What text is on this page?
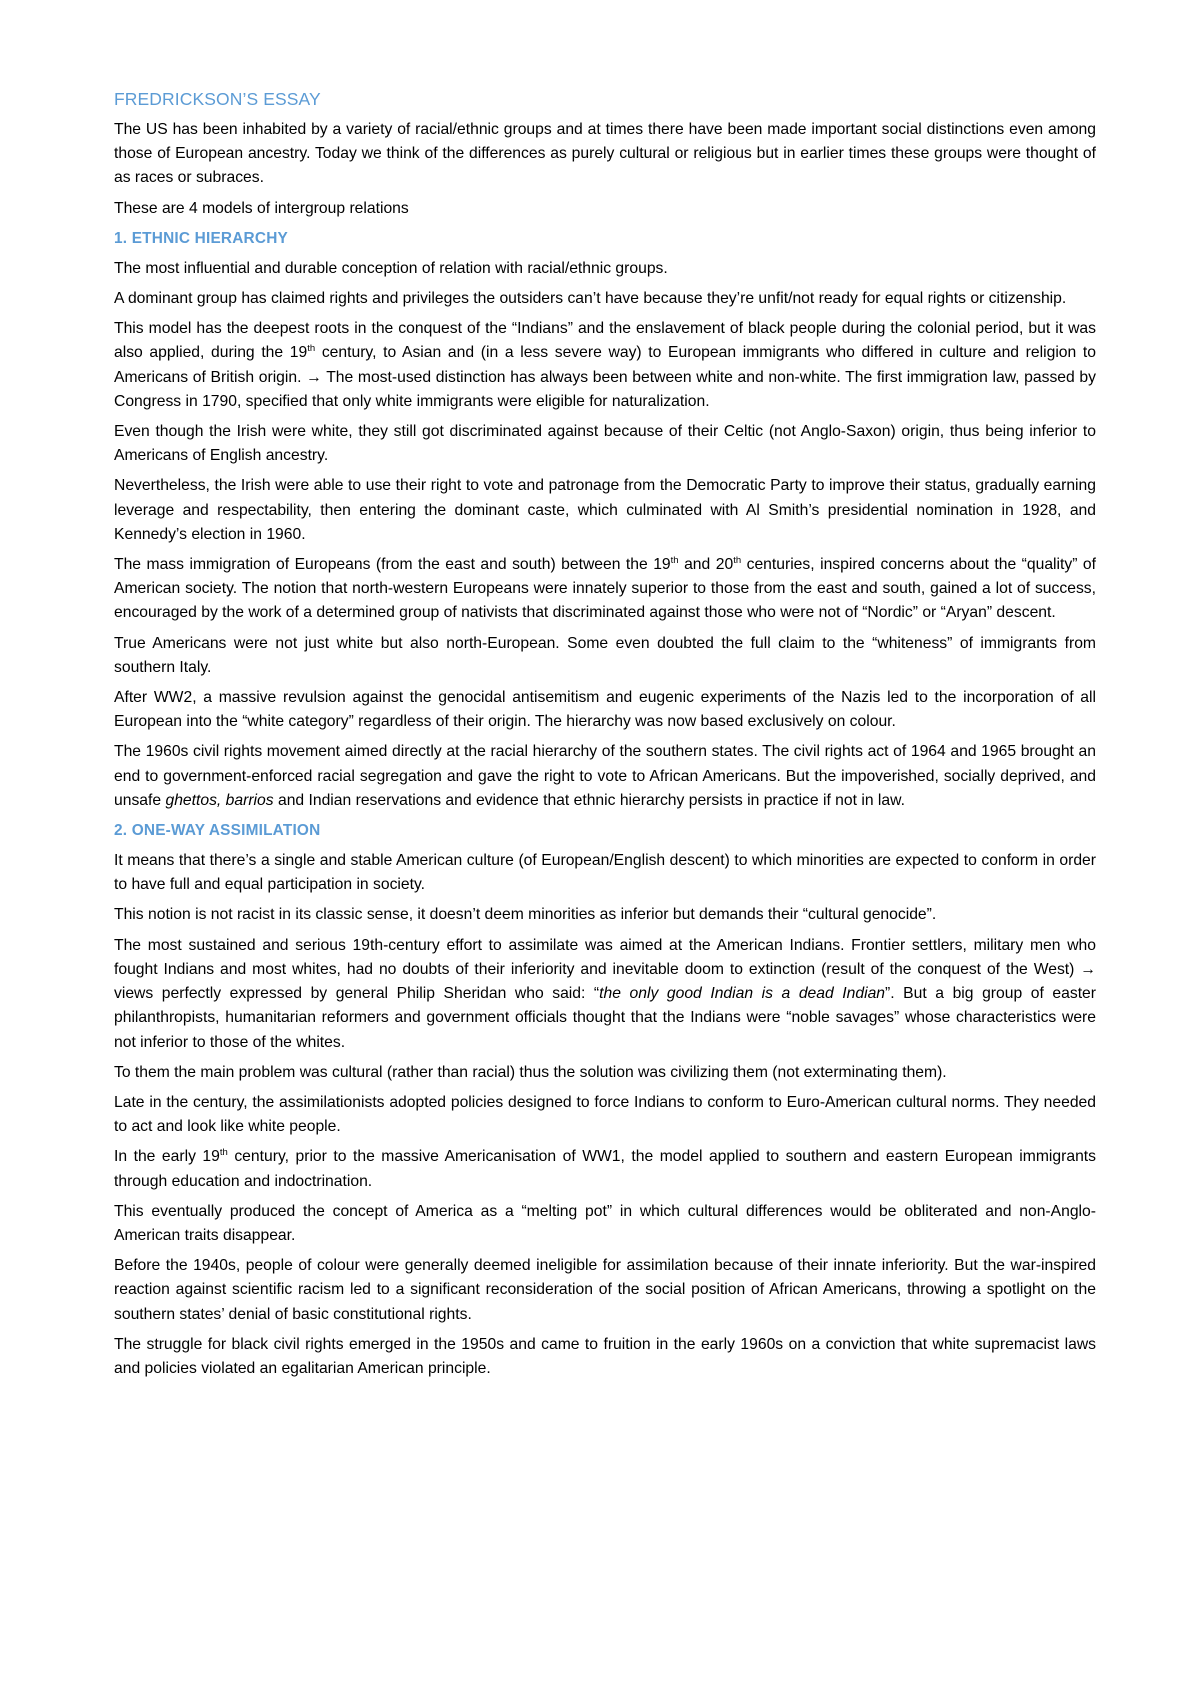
FREDRICKSON’S ESSAY

The US has been inhabited by a variety of racial/ethnic groups and at times there have been made important social distinctions even among those of European ancestry. Today we think of the differences as purely cultural or religious but in earlier times these groups were thought of as races or subraces.

These are 4 models of intergroup relations

1. ETHNIC HIERARCHY

The most influential and durable conception of relation with racial/ethnic groups.

A dominant group has claimed rights and privileges the outsiders can’t have because they’re unfit/not ready for equal rights or citizenship.

This model has the deepest roots in the conquest of the “Indians” and the enslavement of black people during the colonial period, but it was also applied, during the 19th century, to Asian and (in a less severe way) to European immigrants who differed in culture and religion to Americans of British origin. → The most-used distinction has always been between white and non-white. The first immigration law, passed by Congress in 1790, specified that only white immigrants were eligible for naturalization.

Even though the Irish were white, they still got discriminated against because of their Celtic (not Anglo-Saxon) origin, thus being inferior to Americans of English ancestry.

Nevertheless, the Irish were able to use their right to vote and patronage from the Democratic Party to improve their status, gradually earning leverage and respectability, then entering the dominant caste, which culminated with Al Smith’s presidential nomination in 1928, and Kennedy’s election in 1960.

The mass immigration of Europeans (from the east and south) between the 19th and 20th centuries, inspired concerns about the “quality” of American society. The notion that north-western Europeans were innately superior to those from the east and south, gained a lot of success, encouraged by the work of a determined group of nativists that discriminated against those who were not of “Nordic” or “Aryan” descent.

True Americans were not just white but also north-European. Some even doubted the full claim to the “whiteness” of immigrants from southern Italy.

After WW2, a massive revulsion against the genocidal antisemitism and eugenic experiments of the Nazis led to the incorporation of all European into the “white category” regardless of their origin. The hierarchy was now based exclusively on colour.

The 1960s civil rights movement aimed directly at the racial hierarchy of the southern states. The civil rights act of 1964 and 1965 brought an end to government-enforced racial segregation and gave the right to vote to African Americans. But the impoverished, socially deprived, and unsafe ghettos, barrios and Indian reservations and evidence that ethnic hierarchy persists in practice if not in law.

2. ONE-WAY ASSIMILATION

It means that there’s a single and stable American culture (of European/English descent) to which minorities are expected to conform in order to have full and equal participation in society.

This notion is not racist in its classic sense, it doesn’t deem minorities as inferior but demands their “cultural genocide”.

The most sustained and serious 19th-century effort to assimilate was aimed at the American Indians. Frontier settlers, military men who fought Indians and most whites, had no doubts of their inferiority and inevitable doom to extinction (result of the conquest of the West) → views perfectly expressed by general Philip Sheridan who said: “the only good Indian is a dead Indian”. But a big group of easter philanthropists, humanitarian reformers and government officials thought that the Indians were “noble savages” whose characteristics were not inferior to those of the whites.

To them the main problem was cultural (rather than racial) thus the solution was civilizing them (not exterminating them).

Late in the century, the assimilationists adopted policies designed to force Indians to conform to Euro-American cultural norms. They needed to act and look like white people.

In the early 19th century, prior to the massive Americanisation of WW1, the model applied to southern and eastern European immigrants through education and indoctrination.

This eventually produced the concept of America as a “melting pot” in which cultural differences would be obliterated and non-Anglo-American traits disappear.

Before the 1940s, people of colour were generally deemed ineligible for assimilation because of their innate inferiority. But the war-inspired reaction against scientific racism led to a significant reconsideration of the social position of African Americans, throwing a spotlight on the southern states’ denial of basic constitutional rights.

The struggle for black civil rights emerged in the 1950s and came to fruition in the early 1960s on a conviction that white supremacist laws and policies violated an egalitarian American principle.
